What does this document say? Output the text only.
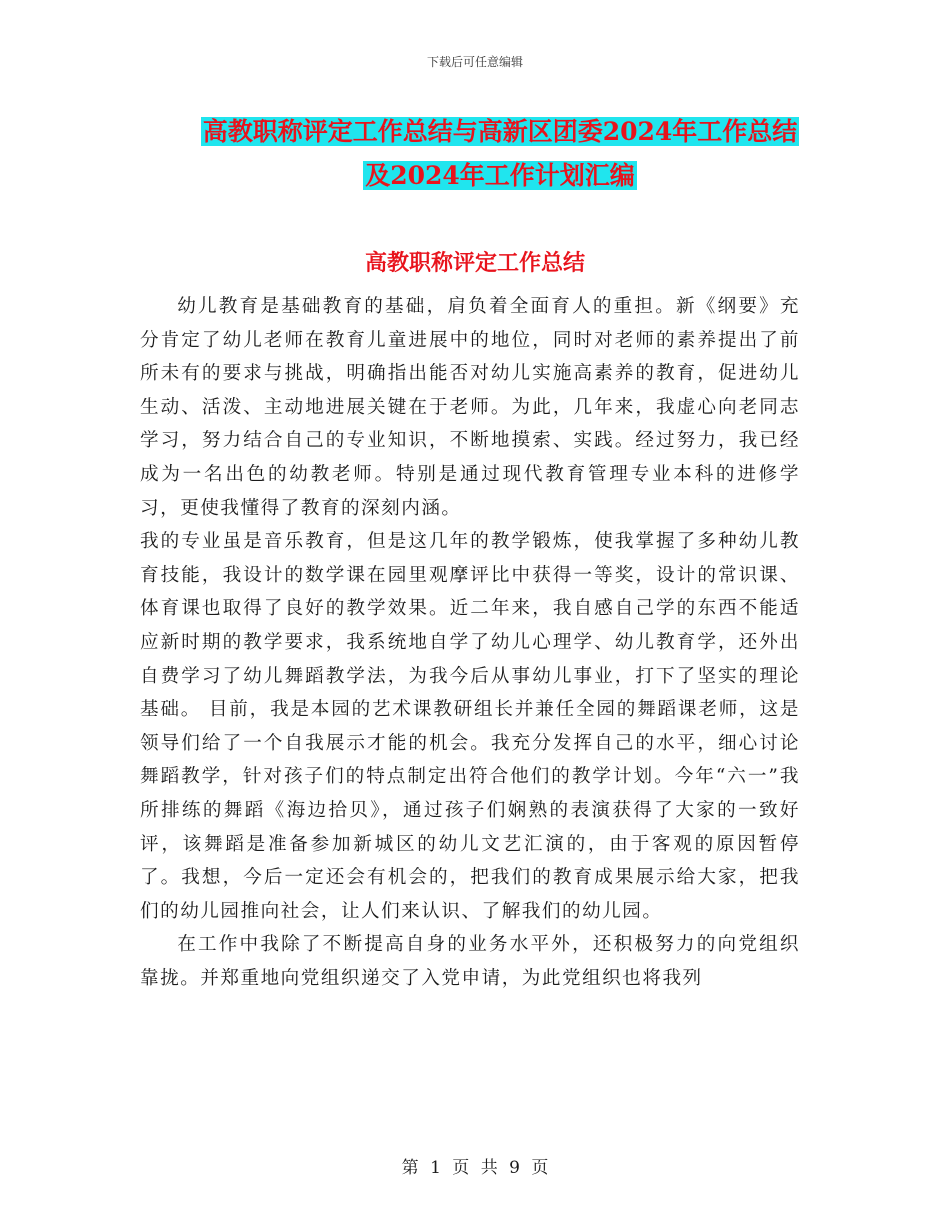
下载后可任意编辑
高教职称评定工作总结与高新区团委2024年工作总结
及2024年工作计划汇编
高教职称评定工作总结

幼儿教育是基础教育的基础，肩负着全面育人的重担。新《纲要》充分肯定了幼儿老师在教育儿童进展中的地位，同时对老师的素养提出了前所未有的要求与挑战，明确指出能否对幼儿实施高素养的教育，促进幼儿生动、活泼、主动地进展关键在于老师。为此，几年来，我虚心向老同志学习，努力结合自己的专业知识，不断地摸索、实践。经过努力，我已经成为一名出色的幼教老师。特别是通过现代教育管理专业本科的进修学习，更使我懂得了教育的深刻内涵。

我的专业虽是音乐教育，但是这几年的教学锻炼，使我掌握了多种幼儿教育技能，我设计的数学课在园里观摩评比中获得一等奖，设计的常识课、体育课也取得了良好的教学效果。近二年来，我自感自己学的东西不能适应新时期的教学要求，我系统地自学了幼儿心理学、幼儿教育学，还外出自费学习了幼儿舞蹈教学法，为我今后从事幼儿事业，打下了坚实的理论基础。 目前，我是本园的艺术课教研组长并兼任全园的舞蹈课老师，这是领导们给了一个自我展示才能的机会。我充分发挥自己的水平，细心讨论舞蹈教学，针对孩子们的特点制定出符合他们的教学计划。今年“六一”我所排练的舞蹈《海边拾贝》，通过孩子们娴熟的表演获得了大家的一致好评，该舞蹈是准备参加新城区的幼儿文艺汇演的，由于客观的原因暂停了。我想，今后一定还会有机会的，把我们的教育成果展示给大家，把我们的幼儿园推向社会，让人们来认识、了解我们的幼儿园。

在工作中我除了不断提高自身的业务水平外，还积极努力的向党组织靠拢。并郑重地向党组织递交了入党申请，为此党组织也将我列

第 1 页 共 9 页
